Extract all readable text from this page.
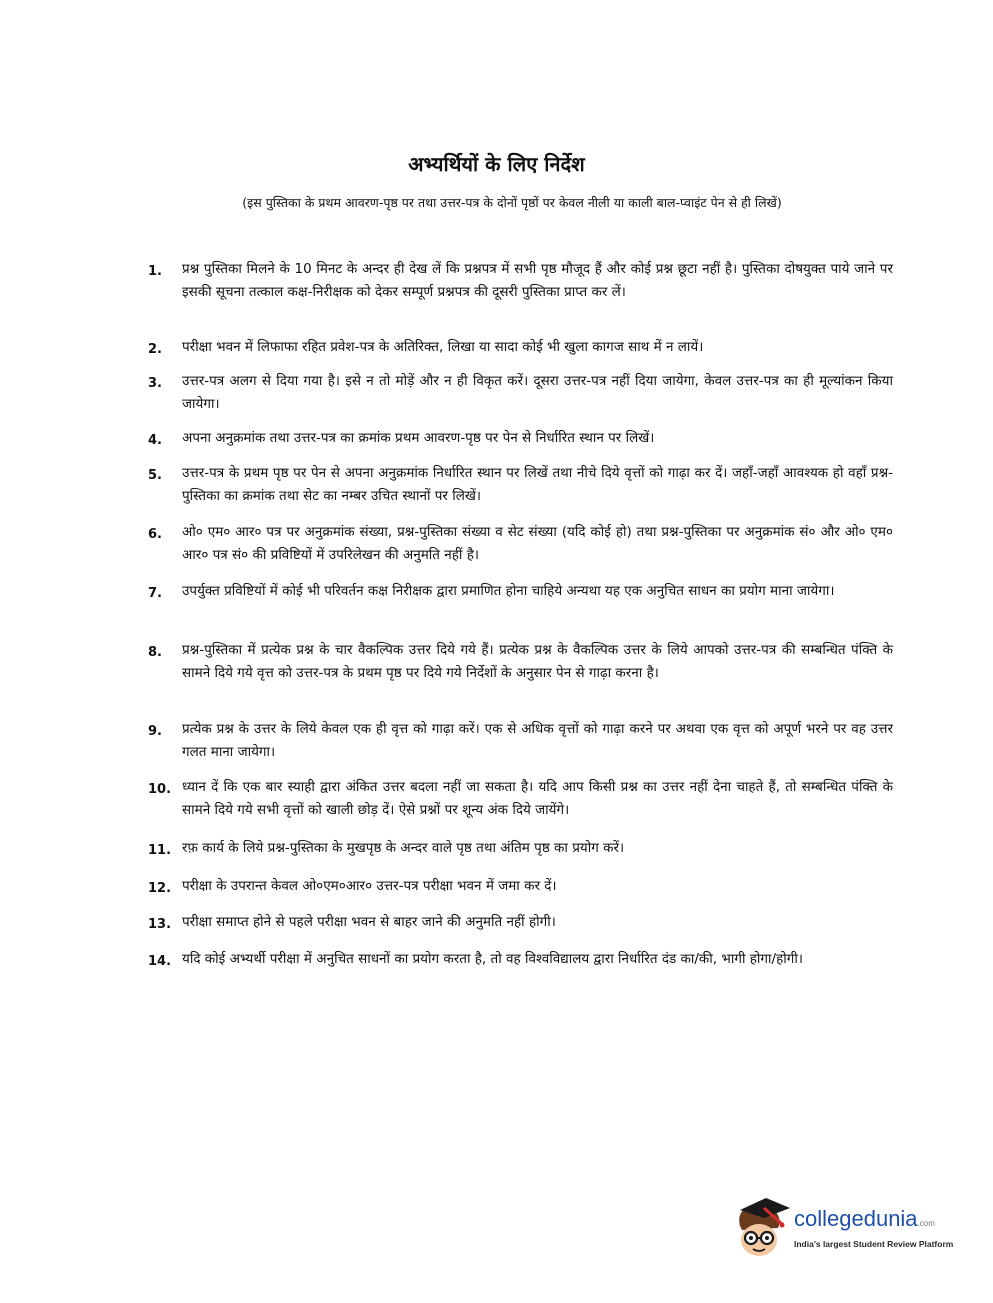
अभ्यर्थियों के लिए निर्देश
(इस पुस्तिका के प्रथम आवरण-पृष्ठ पर तथा उत्तर-पत्र के दोनों पृष्ठों पर केवल नीली या काली बाल-प्वाइंट पेन से ही लिखें)
1.	प्रश्न पुस्तिका मिलने के 10 मिनट के अन्दर ही देख लें कि प्रश्नपत्र में सभी पृष्ठ मौजूद हैं और कोई प्रश्न छूटा नहीं है। पुस्तिका दोषयुक्त पाये जाने पर इसकी सूचना तत्काल कक्ष-निरीक्षक को देकर सम्पूर्ण प्रश्नपत्र की दूसरी पुस्तिका प्राप्त कर लें।
2.	परीक्षा भवन में लिफाफा रहित प्रवेश-पत्र के अतिरिक्त, लिखा या सादा कोई भी खुला कागज साथ में न लायें।
3.	उत्तर-पत्र अलग से दिया गया है। इसे न तो मोड़ें और न ही विकृत करें। दूसरा उत्तर-पत्र नहीं दिया जायेगा, केवल उत्तर-पत्र का ही मूल्यांकन किया जायेगा।
4.	अपना अनुक्रमांक तथा उत्तर-पत्र का क्रमांक प्रथम आवरण-पृष्ठ पर पेन से निर्धारित स्थान पर लिखें।
5.	उत्तर-पत्र के प्रथम पृष्ठ पर पेन से अपना अनुक्रमांक निर्धारित स्थान पर लिखें तथा नीचे दिये वृत्तों को गाढ़ा कर दें। जहाँ-जहाँ आवश्यक हो वहाँ प्रश्न-पुस्तिका का क्रमांक तथा सेट का नम्बर उचित स्थानों पर लिखें।
6.	ओ० एम० आर० पत्र पर अनुक्रमांक संख्या, प्रश्न-पुस्तिका संख्या व सेट संख्या (यदि कोई हो) तथा प्रश्न-पुस्तिका पर अनुक्रमांक सं० और ओ० एम० आर० पत्र सं० की प्रविष्टियों में उपरिलेखन की अनुमति नहीं है।
7.	उपर्युक्त प्रविष्टियों में कोई भी परिवर्तन कक्ष निरीक्षक द्वारा प्रमाणित होना चाहिये अन्यथा यह एक अनुचित साधन का प्रयोग माना जायेगा।
8.	प्रश्न-पुस्तिका में प्रत्येक प्रश्न के चार वैकल्पिक उत्तर दिये गये हैं। प्रत्येक प्रश्न के वैकल्पिक उत्तर के लिये आपको उत्तर-पत्र की सम्बन्धित पंक्ति के सामने दिये गये वृत्त को उत्तर-पत्र के प्रथम पृष्ठ पर दिये गये निर्देशों के अनुसार पेन से गाढ़ा करना है।
9.	प्रत्येक प्रश्न के उत्तर के लिये केवल एक ही वृत्त को गाढ़ा करें। एक से अधिक वृत्तों को गाढ़ा करने पर अथवा एक वृत्त को अपूर्ण भरने पर वह उत्तर गलत माना जायेगा।
10. ध्यान दें कि एक बार स्याही द्वारा अंकित उत्तर बदला नहीं जा सकता है। यदि आप किसी प्रश्न का उत्तर नहीं देना चाहते हैं, तो सम्बन्धित पंक्ति के सामने दिये गये सभी वृत्तों को खाली छोड़ दें। ऐसे प्रश्नों पर शून्य अंक दिये जायेंगे।
11. रफ़ कार्य के लिये प्रश्न-पुस्तिका के मुखपृष्ठ के अन्दर वाले पृष्ठ तथा अंतिम पृष्ठ का प्रयोग करें।
12. परीक्षा के उपरान्त केवल ओ०एम०आर० उत्तर-पत्र परीक्षा भवन में जमा कर दें।
13. परीक्षा समाप्त होने से पहले परीक्षा भवन से बाहर जाने की अनुमति नहीं होगी।
14. यदि कोई अभ्यर्थी परीक्षा में अनुचित साधनों का प्रयोग करता है, तो वह विश्वविद्यालय द्वारा निर्धारित दंड का/की, भागी होगा/होगी।
collegedunia.com
India's largest Student Review Platform
